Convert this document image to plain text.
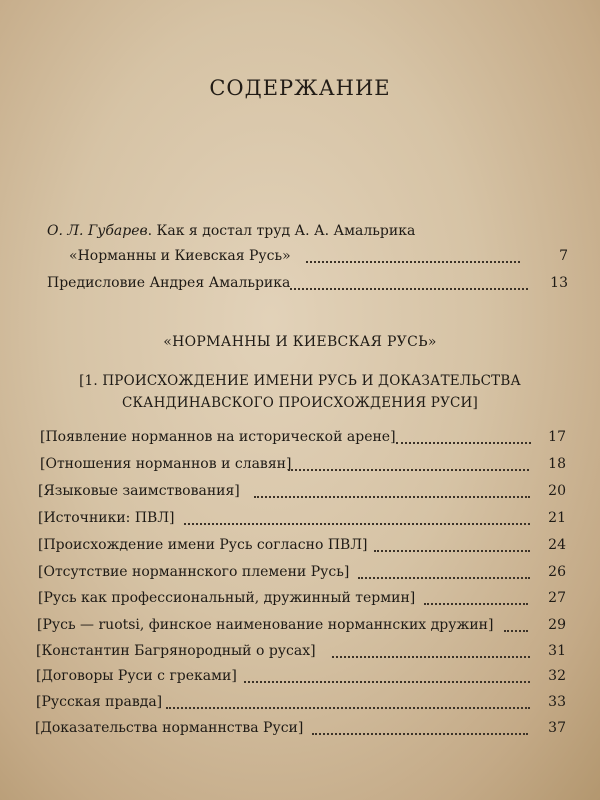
СОДЕРЖАНИЕ
О. Л. Губарев. Как я достал труд А. А. Амальрика
«Норманны и Киевская Русь»	7
Предисловие Андрея Амальрика	13
«НОРМАННЫ И КИЕВСКАЯ РУСЬ»
[1. ПРОИСХОЖДЕНИЕ ИМЕНИ РУСЬ И ДОКАЗАТЕЛЬСТВА
СКАНДИНАВСКОГО ПРОИСХОЖДЕНИЯ РУСИ]
[Появление норманнов на исторической арене]	17
[Отношения норманнов и славян]	18
[Языковые заимствования]	20
[Источники: ПВЛ]	21
[Происхождение имени Русь согласно ПВЛ]	24
[Отсутствие норманнского племени Русь]	26
[Русь как профессиональный, дружинный термин]	27
[Русь — ruotsi, финское наименование норманнских дружин]	29
[Константин Багрянородный о русах]	31
[Договоры Руси с греками]	32
[Русская правда]	33
[Доказательства норманнства Руси]	37
